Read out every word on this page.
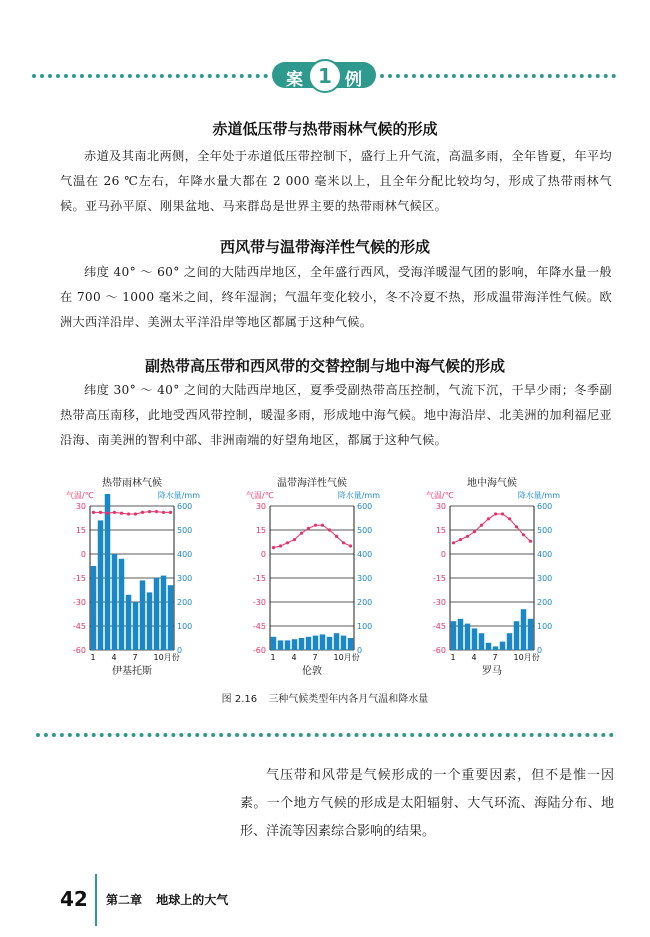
案 1 例
赤道低压带与热带雨林气候的形成

赤道及其南北两侧，全年处于赤道低压带控制下，盛行上升气流，高温多雨，全年皆夏，年平均气温在 26 ℃左右，年降水量大都在 2 000 毫米以上，且全年分配比较均匀，形成了热带雨林气候。亚马孙平原、刚果盆地、马来群岛是世界主要的热带雨林气候区。

西风带与温带海洋性气候的形成

纬度 40° ～ 60° 之间的大陆西岸地区，全年盛行西风，受海洋暖湿气团的影响，年降水量一般在 700 ～ 1000 毫米之间，终年湿润；气温年变化较小，冬不冷夏不热，形成温带海洋性气候。欧洲大西洋沿岸、美洲太平洋沿岸等地区都属于这种气候。

副热带高压带和西风带的交替控制与地中海气候的形成

纬度 30° ～ 40° 之间的大陆西岸地区，夏季受副热带高压控制，气流下沉，干旱少雨；冬季副热带高压南移，此地受西风带控制，暖湿多雨，形成地中海气候。地中海沿岸、北美洲的加利福尼亚沿海、南美洲的智利中部、非洲南端的好望角地区，都属于这种气候。

热带雨林气候
气温/℃	降水量/mm
30
15
0
-15
-30
-45
-60
600
500
400
300
200
100
0
1 4 7 10月份
伊基托斯
温带海洋性气候
气温/℃	降水量/mm
30
15
0
-15
-30
-45
-60
600
500
400
300
200
100
0
1 4 7 10月份
伦敦
地中海气候
气温/℃	降水量/mm
30
15
0
-15
-30
-45
-60
600
500
400
300
200
100
0
1 4 7 10月份
罗马
图 2.16 三种气候类型年内各月气温和降水量

气压带和风带是气候形成的一个重要因素，但不是惟一因素。一个地方气候的形成是太阳辐射、大气环流、海陆分布、地形、洋流等因素综合影响的结果。

42 第二章 地球上的大气
